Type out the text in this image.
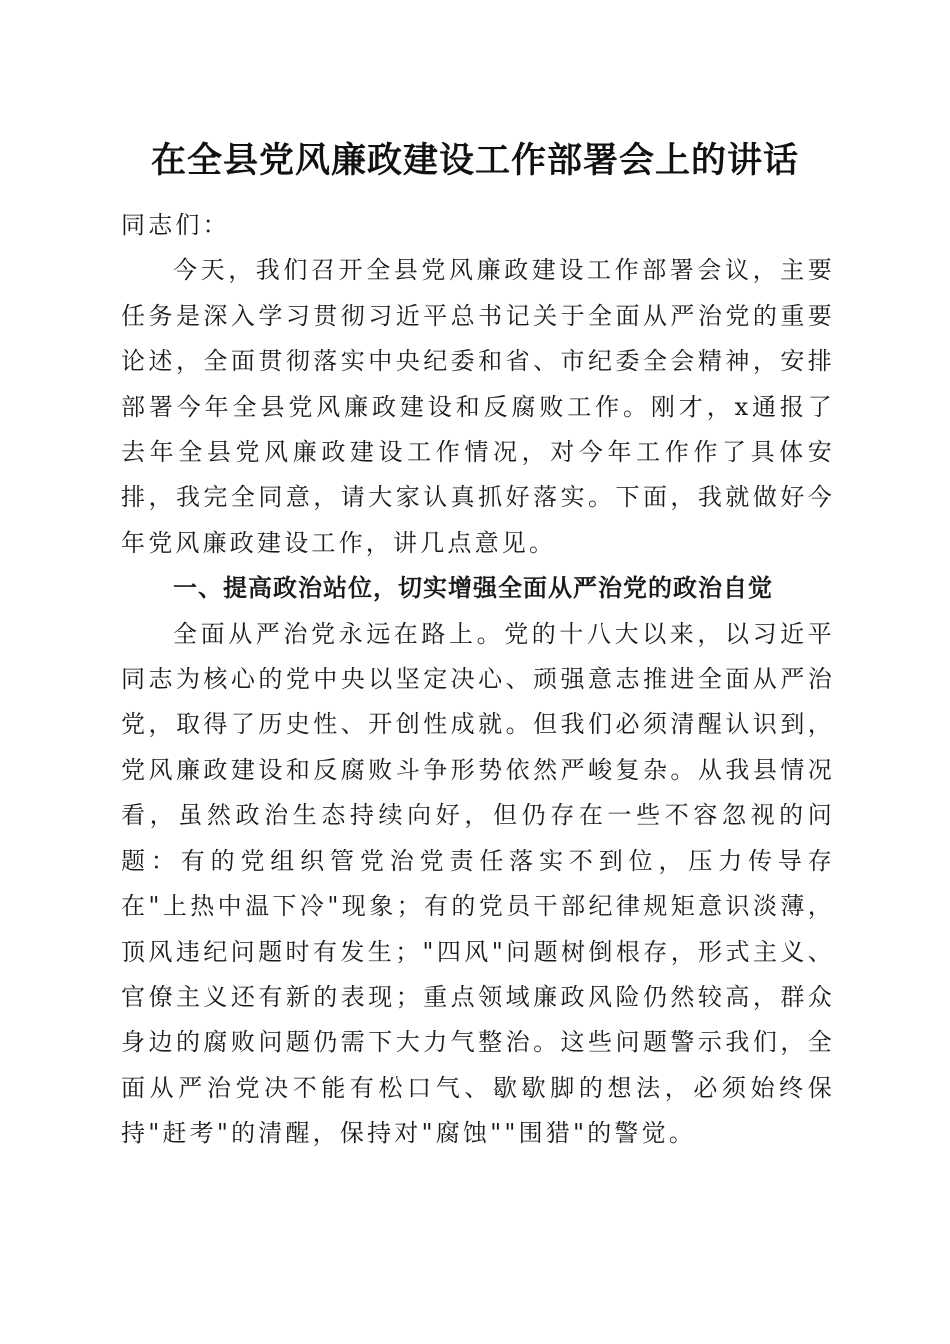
在全县党风廉政建设工作部署会上的讲话

同志们：

今天，我们召开全县党风廉政建设工作部署会议，主要任务是深入学习贯彻习近平总书记关于全面从严治党的重要论述，全面贯彻落实中央纪委和省、市纪委全会精神，安排部署今年全县党风廉政建设和反腐败工作。刚才，x通报了去年全县党风廉政建设工作情况，对今年工作作了具体安排，我完全同意，请大家认真抓好落实。下面，我就做好今年党风廉政建设工作，讲几点意见。

一、提高政治站位，切实增强全面从严治党的政治自觉

全面从严治党永远在路上。党的十八大以来，以习近平同志为核心的党中央以坚定决心、顽强意志推进全面从严治党，取得了历史性、开创性成就。但我们必须清醒认识到，党风廉政建设和反腐败斗争形势依然严峻复杂。从我县情况看，虽然政治生态持续向好，但仍存在一些不容忽视的问题：有的党组织管党治党责任落实不到位，压力传导存在"上热中温下冷"现象；有的党员干部纪律规矩意识淡薄，顶风违纪问题时有发生；"四风"问题树倒根存，形式主义、官僚主义还有新的表现；重点领域廉政风险仍然较高，群众身边的腐败问题仍需下大力气整治。这些问题警示我们，全面从严治党决不能有松口气、歇歇脚的想法，必须始终保持"赶考"的清醒，保持对"腐蚀""围猎"的警觉。
